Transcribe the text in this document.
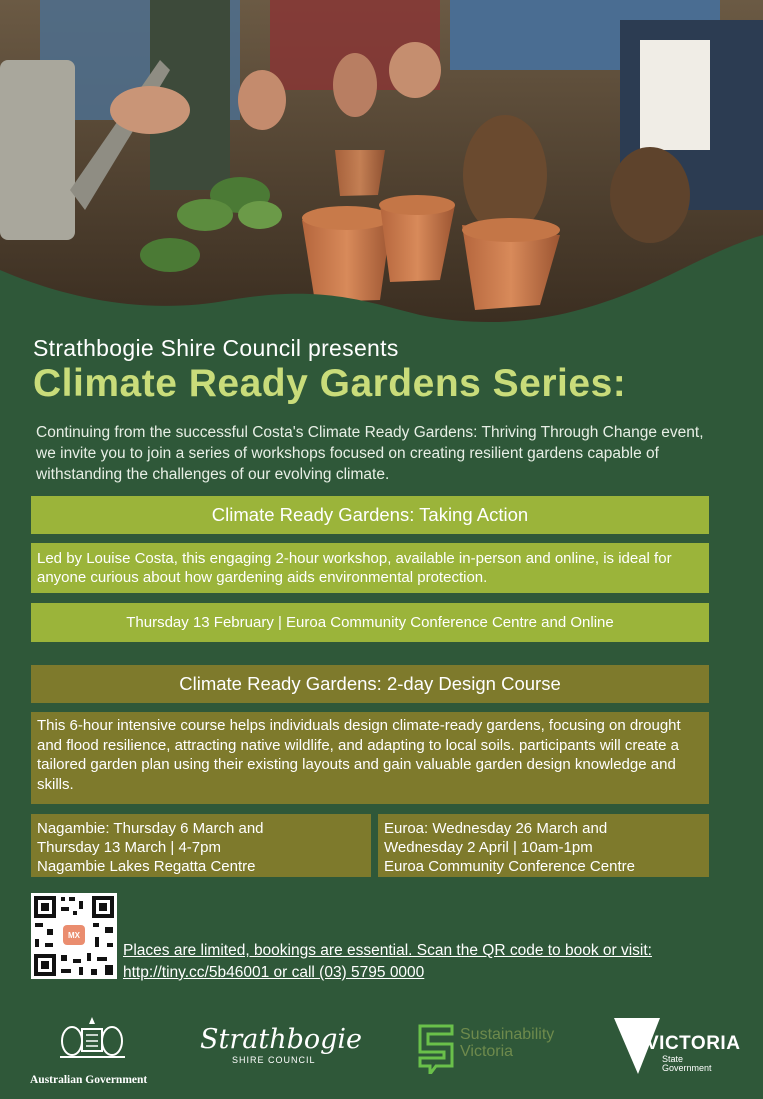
Strathbogie Shire Council presents
Climate Ready Gardens Series:
Continuing from the successful Costa's Climate Ready Gardens: Thriving Through Change event, we invite you to join a series of workshops focused on creating resilient gardens capable of withstanding the challenges of our evolving climate.
Climate Ready Gardens: Taking Action
Led by Louise Costa, this engaging 2-hour workshop, available in-person and online, is ideal for anyone curious about how gardening aids environmental protection.
Thursday 13 February | Euroa Community Conference Centre and Online
Climate Ready Gardens: 2-day Design Course
This 6-hour intensive course helps individuals design climate-ready gardens, focusing on drought and flood resilience, attracting native wildlife, and adapting to local soils. participants will create a tailored garden plan using their existing layouts and gain valuable garden design knowledge and skills.
Nagambie: Thursday 6 March and
Thursday 13 March | 4-7pm
Nagambie Lakes Regatta Centre
Euroa: Wednesday 26 March and
Wednesday 2 April | 10am-1pm
Euroa Community Conference Centre
MX
Places are limited, bookings are essential. Scan the QR code to book or visit: http://tiny.cc/5b46001 or call (03) 5795 0000
Australian Government
Strathbogie
SHIRE COUNCIL
Sustainability
Victoria	VICTORIA
State
Government
